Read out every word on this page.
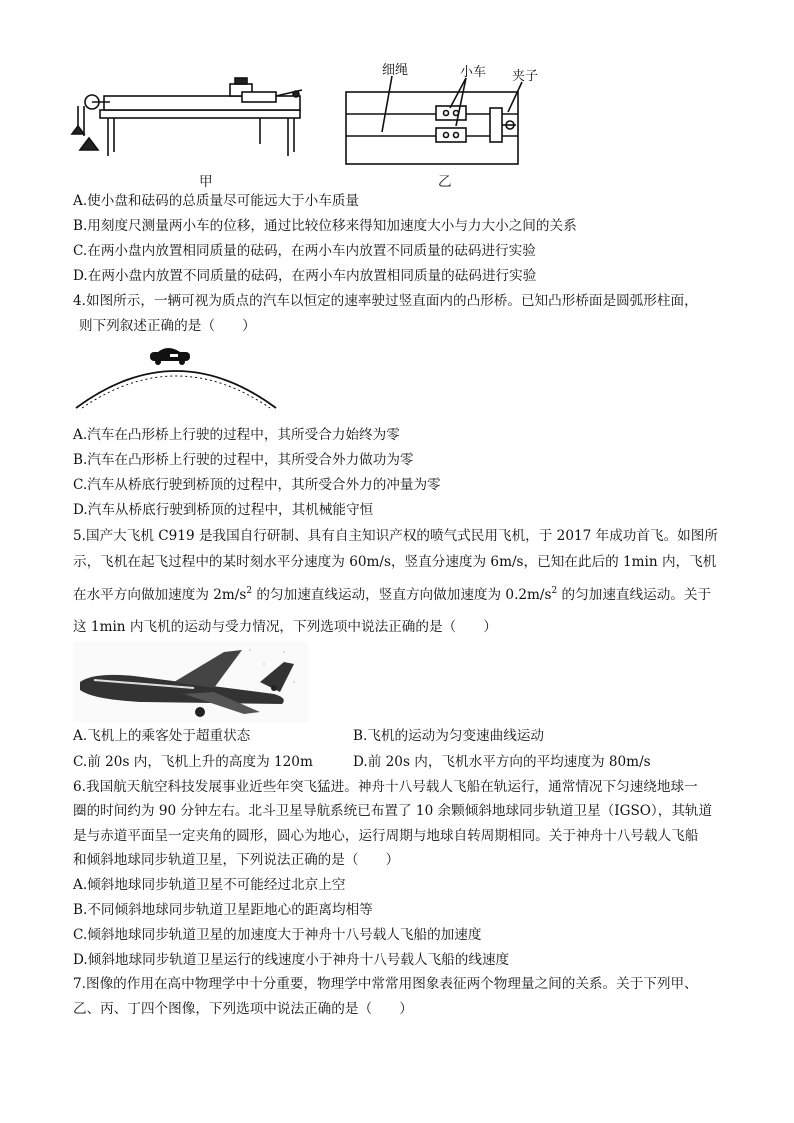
细绳	小车 夹子
甲	乙
A.使小盘和砝码的总质量尽可能远大于小车质量
B.用刻度尺测量两小车的位移，通过比较位移来得知加速度大小与力大小之间的关系
C.在两小盘内放置相同质量的砝码，在两小车内放置不同质量的砝码进行实验
D.在两小盘内放置不同质量的砝码，在两小车内放置相同质量的砝码进行实验
4.如图所示，一辆可视为质点的汽车以恒定的速率驶过竖直面内的凸形桥。已知凸形桥面是圆弧形柱面，
则下列叙述正确的是（　　）
A.汽车在凸形桥上行驶的过程中，其所受合力始终为零
B.汽车在凸形桥上行驶的过程中，其所受合外力做功为零
C.汽车从桥底行驶到桥顶的过程中，其所受合外力的冲量为零
D.汽车从桥底行驶到桥顶的过程中，其机械能守恒
5.国产大飞机 C919 是我国自行研制、具有自主知识产权的喷气式民用飞机，于 2017 年成功首飞。如图所
示，飞机在起飞过程中的某时刻水平分速度为 60m/s，竖直分速度为 6m/s，已知在此后的 1min 内，飞机
在水平方向做加速度为 $2m/s^2$ 的匀加速直线运动，竖直方向做加速度为 $0.2m/s^2$ 的匀加速直线运动。关于
这 1min 内飞机的运动与受力情况，下列选项中说法正确的是（　　）
A.飞机上的乘客处于超重状态	B.飞机的运动为匀变速曲线运动
C.前 20s 内，飞机上升的高度为 120m	D.前 20s 内，飞机水平方向的平均速度为 80m/s
6.我国航天航空科技发展事业近些年突飞猛进。神舟十八号载人飞船在轨运行，通常情况下匀速绕地球一
圈的时间约为 90 分钟左右。北斗卫星导航系统已布置了 10 余颗倾斜地球同步轨道卫星（IGSO），其轨道
是与赤道平面呈一定夹角的圆形，圆心为地心，运行周期与地球自转周期相同。关于神舟十八号载人飞船
和倾斜地球同步轨道卫星，下列说法正确的是（　　）
A.倾斜地球同步轨道卫星不可能经过北京上空
B.不同倾斜地球同步轨道卫星距地心的距离均相等
C.倾斜地球同步轨道卫星的加速度大于神舟十八号载人飞船的加速度
D.倾斜地球同步轨道卫星运行的线速度小于神舟十八号载人飞船的线速度
7.图像的作用在高中物理学中十分重要，物理学中常常用图象表征两个物理量之间的关系。关于下列甲、
乙、丙、丁四个图像，下列选项中说法正确的是（　　）
